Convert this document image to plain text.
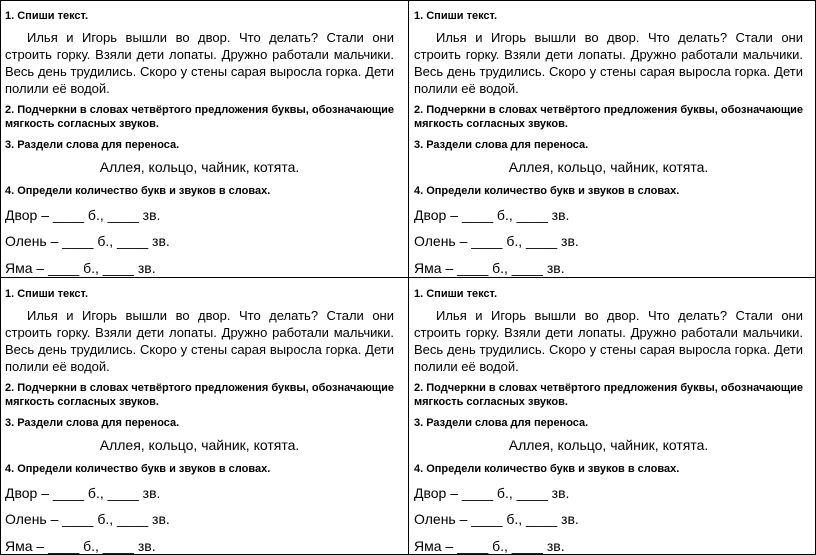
1. Спиши текст.

Илья и Игорь вышли во двор. Что делать? Стали они строить горку. Взяли дети лопаты. Дружно работали мальчики. Весь день трудились. Скоро у стены сарая выросла горка. Дети полили её водой.

2. Подчеркни в словах четвёртого предложения буквы, обозначающие мягкость согласных звуков.

3. Раздели слова для переноса.

Аллея, кольцо, чайник, котята.

4. Определи количество букв и звуков в словах.

Двор – ____ б., ____ зв.
Олень – ____ б., ____ зв.
Яма – ____ б., ____ зв.

1. Спиши текст.

Илья и Игорь вышли во двор. Что делать? Стали они строить горку. Взяли дети лопаты. Дружно работали мальчики. Весь день трудились. Скоро у стены сарая выросла горка. Дети полили её водой.

2. Подчеркни в словах четвёртого предложения буквы, обозначающие мягкость согласных звуков.

3. Раздели слова для переноса.

Аллея, кольцо, чайник, котята.

4. Определи количество букв и звуков в словах.

Двор – ____ б., ____ зв.
Олень – ____ б., ____ зв.
Яма – ____ б., ____ зв.

1. Спиши текст.

Илья и Игорь вышли во двор. Что делать? Стали они строить горку. Взяли дети лопаты. Дружно работали мальчики. Весь день трудились. Скоро у стены сарая выросла горка. Дети полили её водой.

2. Подчеркни в словах четвёртого предложения буквы, обозначающие мягкость согласных звуков.

3. Раздели слова для переноса.

Аллея, кольцо, чайник, котята.

4. Определи количество букв и звуков в словах.

Двор – ____ б., ____ зв.
Олень – ____ б., ____ зв.
Яма – ____ б., ____ зв.

1. Спиши текст.

Илья и Игорь вышли во двор. Что делать? Стали они строить горку. Взяли дети лопаты. Дружно работали мальчики. Весь день трудились. Скоро у стены сарая выросла горка. Дети полили её водой.

2. Подчеркни в словах четвёртого предложения буквы, обозначающие мягкость согласных звуков.

3. Раздели слова для переноса.

Аллея, кольцо, чайник, котята.

4. Определи количество букв и звуков в словах.

Двор – ____ б., ____ зв.
Олень – ____ б., ____ зв.
Яма – ____ б., ____ зв.
